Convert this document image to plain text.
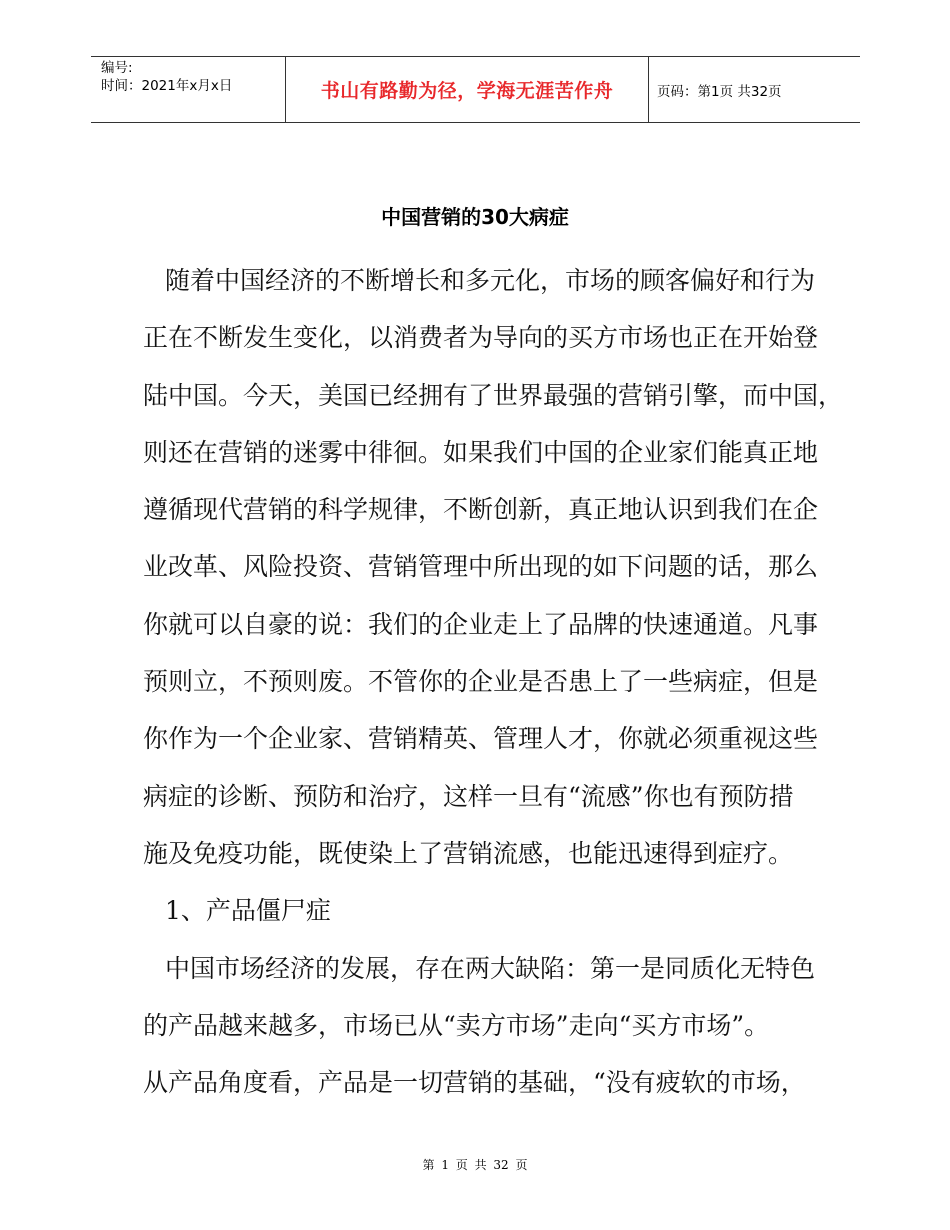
编号:
时间：2021年x月x日	书山有路勤为径，学海无涯苦作舟	页码：第1页 共32页
中国营销的30大病症
随着中国经济的不断增长和多元化，市场的顾客偏好和行为
正在不断发生变化，以消费者为导向的买方市场也正在开始登
陆中国。今天，美国已经拥有了世界最强的营销引擎，而中国，
则还在营销的迷雾中徘徊。如果我们中国的企业家们能真正地
遵循现代营销的科学规律，不断创新，真正地认识到我们在企
业改革、风险投资、营销管理中所出现的如下问题的话，那么
你就可以自豪的说：我们的企业走上了品牌的快速通道。凡事
预则立，不预则废。不管你的企业是否患上了一些病症，但是
你作为一个企业家、营销精英、管理人才，你就必须重视这些
病症的诊断、预防和治疗，这样一旦有“流感”你也有预防措
施及免疫功能，既使染上了营销流感，也能迅速得到症疗。
1、产品僵尸症
中国市场经济的发展，存在两大缺陷：第一是同质化无特色
的产品越来越多，市场已从“卖方市场”走向“买方市场”。
从产品角度看，产品是一切营销的基础，“没有疲软的市场，
第 1 页 共 32 页
